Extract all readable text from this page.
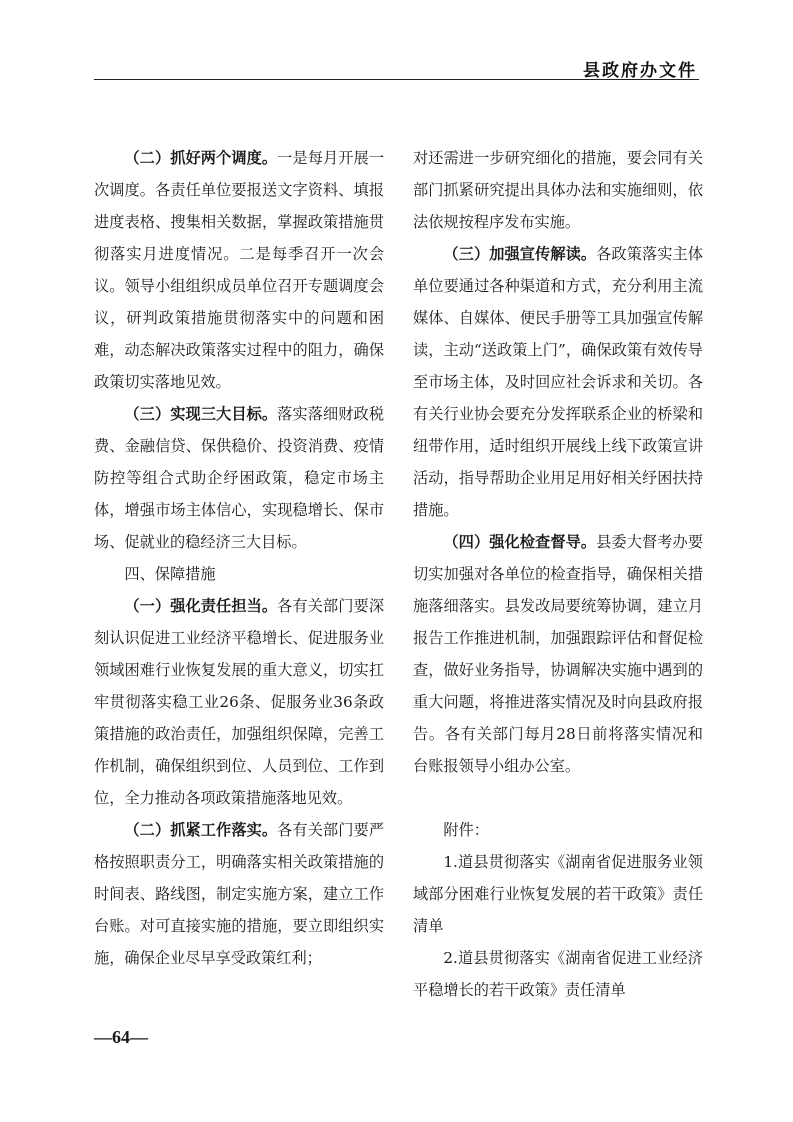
县政府办文件

（二）抓好两个调度。一是每月开展一次调度。各责任单位要报送文字资料、填报进度表格、搜集相关数据，掌握政策措施贯彻落实月进度情况。二是每季召开一次会议。领导小组组织成员单位召开专题调度会议，研判政策措施贯彻落实中的问题和困难，动态解决政策落实过程中的阻力，确保政策切实落地见效。

（三）实现三大目标。落实落细财政税费、金融信贷、保供稳价、投资消费、疫情防控等组合式助企纾困政策，稳定市场主体，增强市场主体信心，实现稳增长、保市场、促就业的稳经济三大目标。

四、保障措施

（一）强化责任担当。各有关部门要深刻认识促进工业经济平稳增长、促进服务业领域困难行业恢复发展的重大意义，切实扛牢贯彻落实稳工业26条、促服务业36条政策措施的政治责任，加强组织保障，完善工作机制，确保组织到位、人员到位、工作到位，全力推动各项政策措施落地见效。

（二）抓紧工作落实。各有关部门要严格按照职责分工，明确落实相关政策措施的时间表、路线图，制定实施方案，建立工作台账。对可直接实施的措施，要立即组织实施，确保企业尽早享受政策红利；

对还需进一步研究细化的措施，要会同有关部门抓紧研究提出具体办法和实施细则，依法依规按程序发布实施。

（三）加强宣传解读。各政策落实主体单位要通过各种渠道和方式，充分利用主流媒体、自媒体、便民手册等工具加强宣传解读，主动“送政策上门”，确保政策有效传导至市场主体，及时回应社会诉求和关切。各有关行业协会要充分发挥联系企业的桥梁和纽带作用，适时组织开展线上线下政策宣讲活动，指导帮助企业用足用好相关纾困扶持措施。

（四）强化检查督导。县委大督考办要切实加强对各单位的检查指导，确保相关措施落细落实。县发改局要统筹协调，建立月报告工作推进机制，加强跟踪评估和督促检查，做好业务指导，协调解决实施中遇到的重大问题，将推进落实情况及时向县政府报告。各有关部门每月28日前将落实情况和台账报领导小组办公室。

附件：

1.道县贯彻落实《湖南省促进服务业领域部分困难行业恢复发展的若干政策》责任清单

2.道县贯彻落实《湖南省促进工业经济平稳增长的若干政策》责任清单

—64—
